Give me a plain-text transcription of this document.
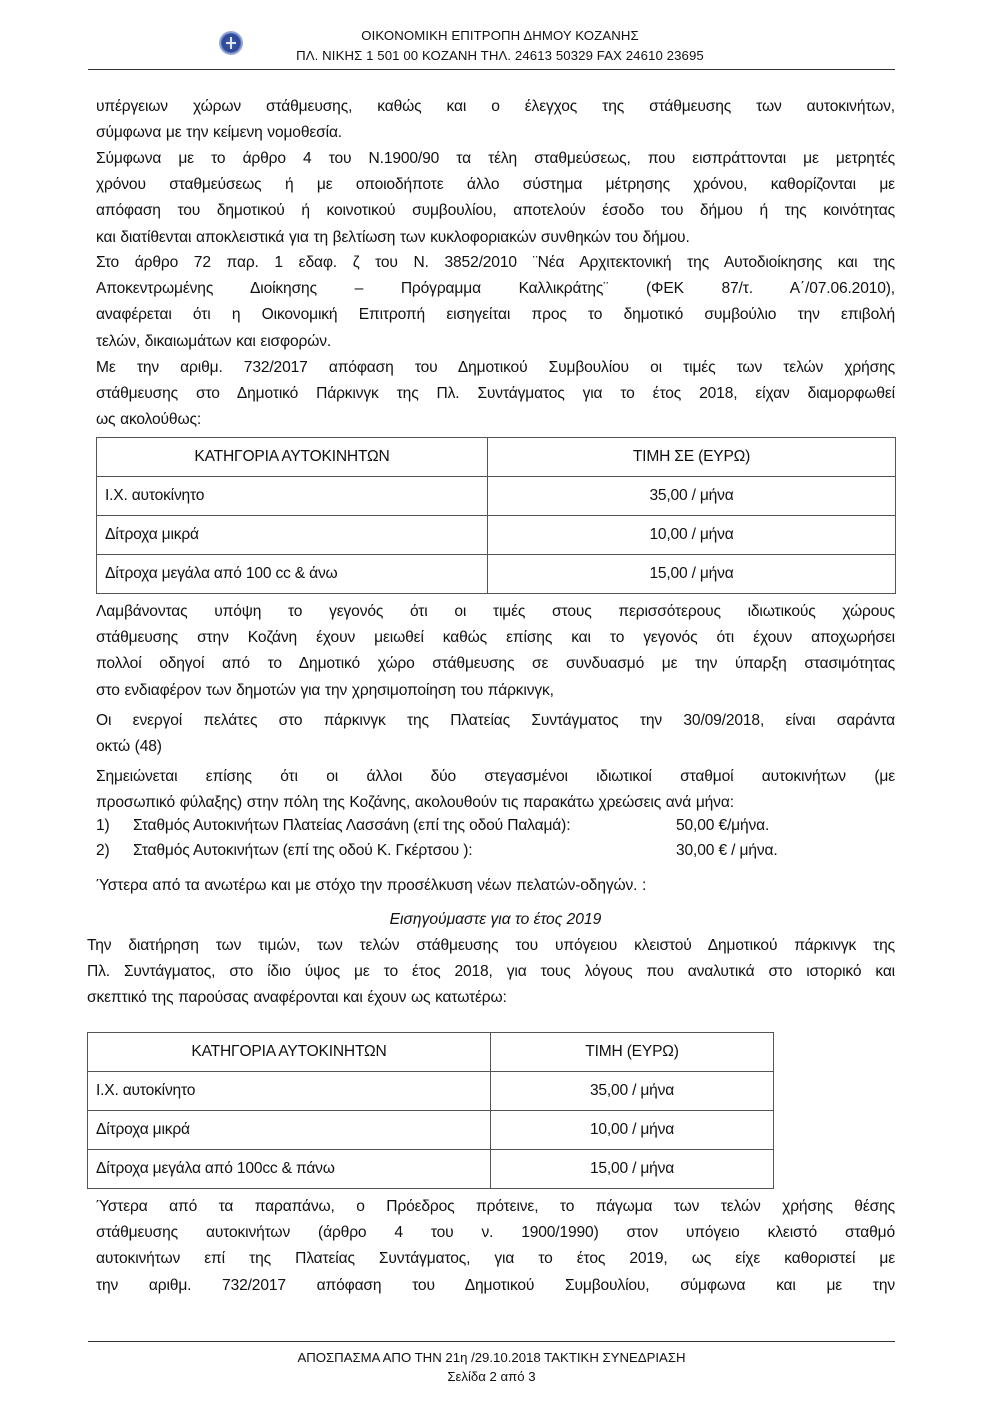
ΟΙΚΟΝΟΜΙΚΗ ΕΠΙΤΡΟΠΗ ΔΗΜΟΥ ΚΟΖΑΝΗΣ
ΠΛ. ΝΙΚΗΣ 1 501 00 ΚΟΖΑΝΗ ΤΗΛ. 24613 50329 FAX 24610 23695
υπέργειων χώρων στάθμευσης, καθώς και ο έλεγχος της στάθμευσης των αυτοκινήτων,
σύμφωνα με την κείμενη νομοθεσία.
Σύμφωνα με το άρθρο 4 του Ν.1900/90 τα τέλη σταθμεύσεως, που εισπράττονται με μετρητές
χρόνου σταθμεύσεως ή με οποιοδήποτε άλλο σύστημα μέτρησης χρόνου, καθορίζονται με
απόφαση του δημοτικού ή κοινοτικού συμβουλίου, αποτελούν έσοδο του δήμου ή της κοινότητας
και διατίθενται αποκλειστικά για τη βελτίωση των κυκλοφοριακών συνθηκών του δήμου.
Στο άρθρο 72 παρ. 1 εδαφ. ζ του Ν. 3852/2010 ¨Νέα Αρχιτεκτονική της Αυτοδιοίκησης και της
Αποκεντρωμένης Διοίκησης – Πρόγραμμα Καλλικράτης¨ (ΦΕΚ 87/τ. Α΄/07.06.2010),
αναφέρεται ότι η Οικονομική Επιτροπή εισηγείται προς το δημοτικό συμβούλιο την επιβολή
τελών, δικαιωμάτων και εισφορών.
Με την αριθμ. 732/2017 απόφαση του Δημοτικού Συμβουλίου οι τιμές των τελών χρήσης
στάθμευσης στο Δημοτικό Πάρκινγκ της Πλ. Συντάγματος για το έτος 2018, είχαν διαμορφωθεί
ως ακολούθως:
ΚΑΤΗΓΟΡΙΑ ΑΥΤΟΚΙΝΗΤΩΝ	ΤΙΜΗ ΣΕ (ΕΥΡΩ)
Ι.Χ. αυτοκίνητο	35,00 / μήνα
Δίτροχα μικρά	10,00 / μήνα
Δίτροχα μεγάλα από 100 cc & άνω	15,00 / μήνα
Λαμβάνοντας υπόψη το γεγονός ότι οι τιμές στους περισσότερους ιδιωτικούς χώρους
στάθμευσης στην Κοζάνη έχουν μειωθεί καθώς επίσης και το γεγονός ότι έχουν αποχωρήσει
πολλοί οδηγοί από το Δημοτικό χώρο στάθμευσης σε συνδυασμό με την ύπαρξη στασιμότητας
στο ενδιαφέρον των δημοτών για την χρησιμοποίηση του πάρκινγκ,
Οι ενεργοί πελάτες στο πάρκινγκ της Πλατείας Συντάγματος την 30/09/2018, είναι σαράντα
οκτώ (48)
Σημειώνεται επίσης ότι οι άλλοι δύο στεγασμένοι ιδιωτικοί σταθμοί αυτοκινήτων (με
προσωπικό φύλαξης) στην πόλη της Κοζάνης, ακολουθούν τις παρακάτω χρεώσεις ανά μήνα:
1) Σταθμός Αυτοκινήτων Πλατείας Λασσάνη (επί της οδού Παλαμά):	50,00 €/μήνα.
2) Σταθμός Αυτοκινήτων (επί της οδού Κ. Γκέρτσου ):	30,00 € / μήνα.
Ύστερα από τα ανωτέρω και με στόχο την προσέλκυση νέων πελατών-οδηγών. :
Εισηγούμαστε για το έτος 2019
Την διατήρηση των τιμών, των τελών στάθμευσης του υπόγειου κλειστού Δημοτικού πάρκινγκ της
Πλ. Συντάγματος, στο ίδιο ύψος με το έτος 2018, για τους λόγους που αναλυτικά στο ιστορικό και
σκεπτικό της παρούσας αναφέρονται και έχουν ως κατωτέρω:
ΚΑΤΗΓΟΡΙΑ ΑΥΤΟΚΙΝΗΤΩΝ	ΤΙΜΗ (ΕΥΡΩ)
Ι.Χ. αυτοκίνητο	35,00 / μήνα
Δίτροχα μικρά	10,00 / μήνα
Δίτροχα μεγάλα από 100cc & πάνω	15,00 / μήνα
Ύστερα από τα παραπάνω, ο Πρόεδρος πρότεινε, το πάγωμα των τελών χρήσης θέσης
στάθμευσης αυτοκινήτων (άρθρο 4 του ν. 1900/1990) στον υπόγειο κλειστό σταθμό
αυτοκινήτων επί της Πλατείας Συντάγματος, για το έτος 2019, ως είχε καθοριστεί με
την αριθμ. 732/2017 απόφαση του Δημοτικού Συμβουλίου, σύμφωνα και με την
ΑΠΟΣΠΑΣΜΑ ΑΠΟ ΤΗΝ 21η /29.10.2018 ΤΑΚΤΙΚΗ ΣΥΝΕΔΡΙΑΣΗ
Σελίδα 2 από 3
